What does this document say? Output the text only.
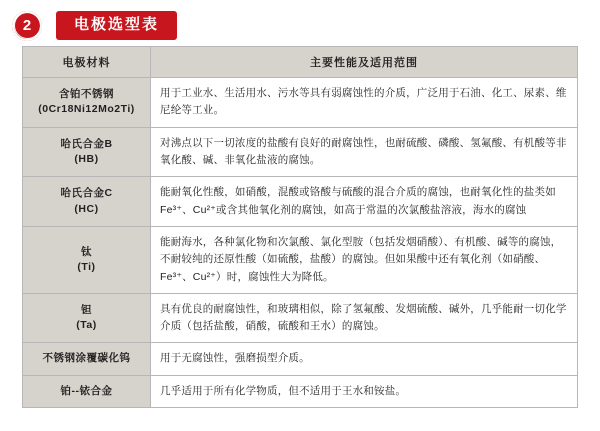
2	电极选型表
电极材料	主要性能及适用范围

含铂不锈钢
(0Cr18Ni12Mo2Ti)	用于工业水、生活用水、污水等具有弱腐蚀性的介质，广泛用于石油、化工、尿素、维尼纶等工业。

哈氏合金B
(HB)	对沸点以下一切浓度的盐酸有良好的耐腐蚀性，也耐硫酸、磷酸、氢氟酸、有机酸等非氧化酸、碱、非氧化盐液的腐蚀。

哈氏合金C
(HC)	能耐氧化性酸，如硝酸，混酸或铬酸与硫酸的混合介质的腐蚀，也耐氧化性的盐类如Fe³⁺、Cu²⁺或含其他氧化剂的腐蚀，如高于常温的次氯酸盐溶液，海水的腐蚀

钛
(Ti)	能耐海水，各种氯化物和次氯酸、氯化型胺（包括发烟硝酸）、有机酸、碱等的腐蚀，不耐较纯的还原性酸（如硫酸，盐酸）的腐蚀。但如果酸中还有氧化剂（如硝酸、Fe³⁺、Cu²⁺）时，腐蚀性大为降低。

钽
(Ta)	具有优良的耐腐蚀性，和玻璃相似，除了氢氟酸、发烟硫酸、碱外，几乎能耐一切化学介质（包括盐酸，硝酸，硫酸和王水）的腐蚀。

不锈钢涂覆碳化钨	用于无腐蚀性，强磨损型介质。

铂--铱合金	几乎适用于所有化学物质，但不适用于王水和铵盐。
